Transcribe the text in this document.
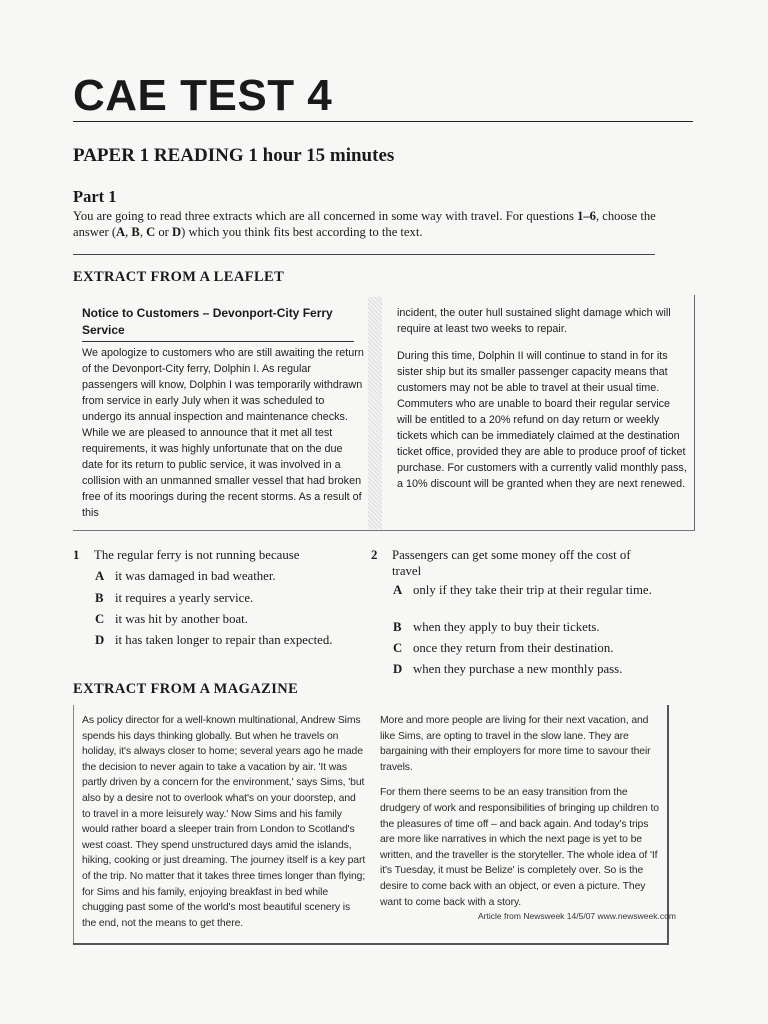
CAE TEST 4
PAPER 1 READING 1 hour 15 minutes
Part 1
You are going to read three extracts which are all concerned in some way with travel. For questions 1–6, choose the answer (A, B, C or D) which you think fits best according to the text.
EXTRACT FROM A LEAFLET
Notice to Customers – Devonport-City Ferry Service

We apologize to customers who are still awaiting the return of the Devonport-City ferry, Dolphin I. As regular passengers will know, Dolphin I was temporarily withdrawn from service in early July when it was scheduled to undergo its annual inspection and maintenance checks. While we are pleased to announce that it met all test requirements, it was highly unfortunate that on the due date for its return to public service, it was involved in a collision with an unmanned smaller vessel that had broken free of its moorings during the recent storms. As a result of this

incident, the outer hull sustained slight damage which will require at least two weeks to repair.

During this time, Dolphin II will continue to stand in for its sister ship but its smaller passenger capacity means that customers may not be able to travel at their usual time. Commuters who are unable to board their regular service will be entitled to a 20% refund on day return or weekly tickets which can be immediately claimed at the destination ticket office, provided they are able to produce proof of ticket purchase. For customers with a currently valid monthly pass, a 10% discount will be granted when they are next renewed.

1 The regular ferry is not running because
A it was damaged in bad weather.
B it requires a yearly service.
C it was hit by another boat.
D it has taken longer to repair than expected.
2 Passengers can get some money off the cost of travel
A only if they take their trip at their regular time.
B when they apply to buy their tickets.
C once they return from their destination.
D when they purchase a new monthly pass.
EXTRACT FROM A MAGAZINE

As policy director for a well-known multinational, Andrew Sims spends his days thinking globally. But when he travels on holiday, it's always closer to home; several years ago he made the decision to never again to take a vacation by air. 'It was partly driven by a concern for the environment,' says Sims, 'but also by a desire not to overlook what's on your doorstep, and to travel in a more leisurely way.' Now Sims and his family would rather board a sleeper train from London to Scotland's west coast. They spend unstructured days amid the islands, hiking, cooking or just dreaming. The journey itself is a key part of the trip. No matter that it takes three times longer than flying; for Sims and his family, enjoying breakfast in bed while chugging past some of the world's most beautiful scenery is the end, not the means to get there.

More and more people are living for their next vacation, and like Sims, are opting to travel in the slow lane. They are bargaining with their employers for more time to savour their travels.

For them there seems to be an easy transition from the drudgery of work and responsibilities of bringing up children to the pleasures of time off – and back again. And today's trips are more like narratives in which the next page is yet to be written, and the traveller is the storyteller. The whole idea of 'If it's Tuesday, it must be Belize' is completely over. So is the desire to come back with an object, or even a picture. They want to come back with a story.

Article from Newsweek 14/5/07 www.newsweek.com
